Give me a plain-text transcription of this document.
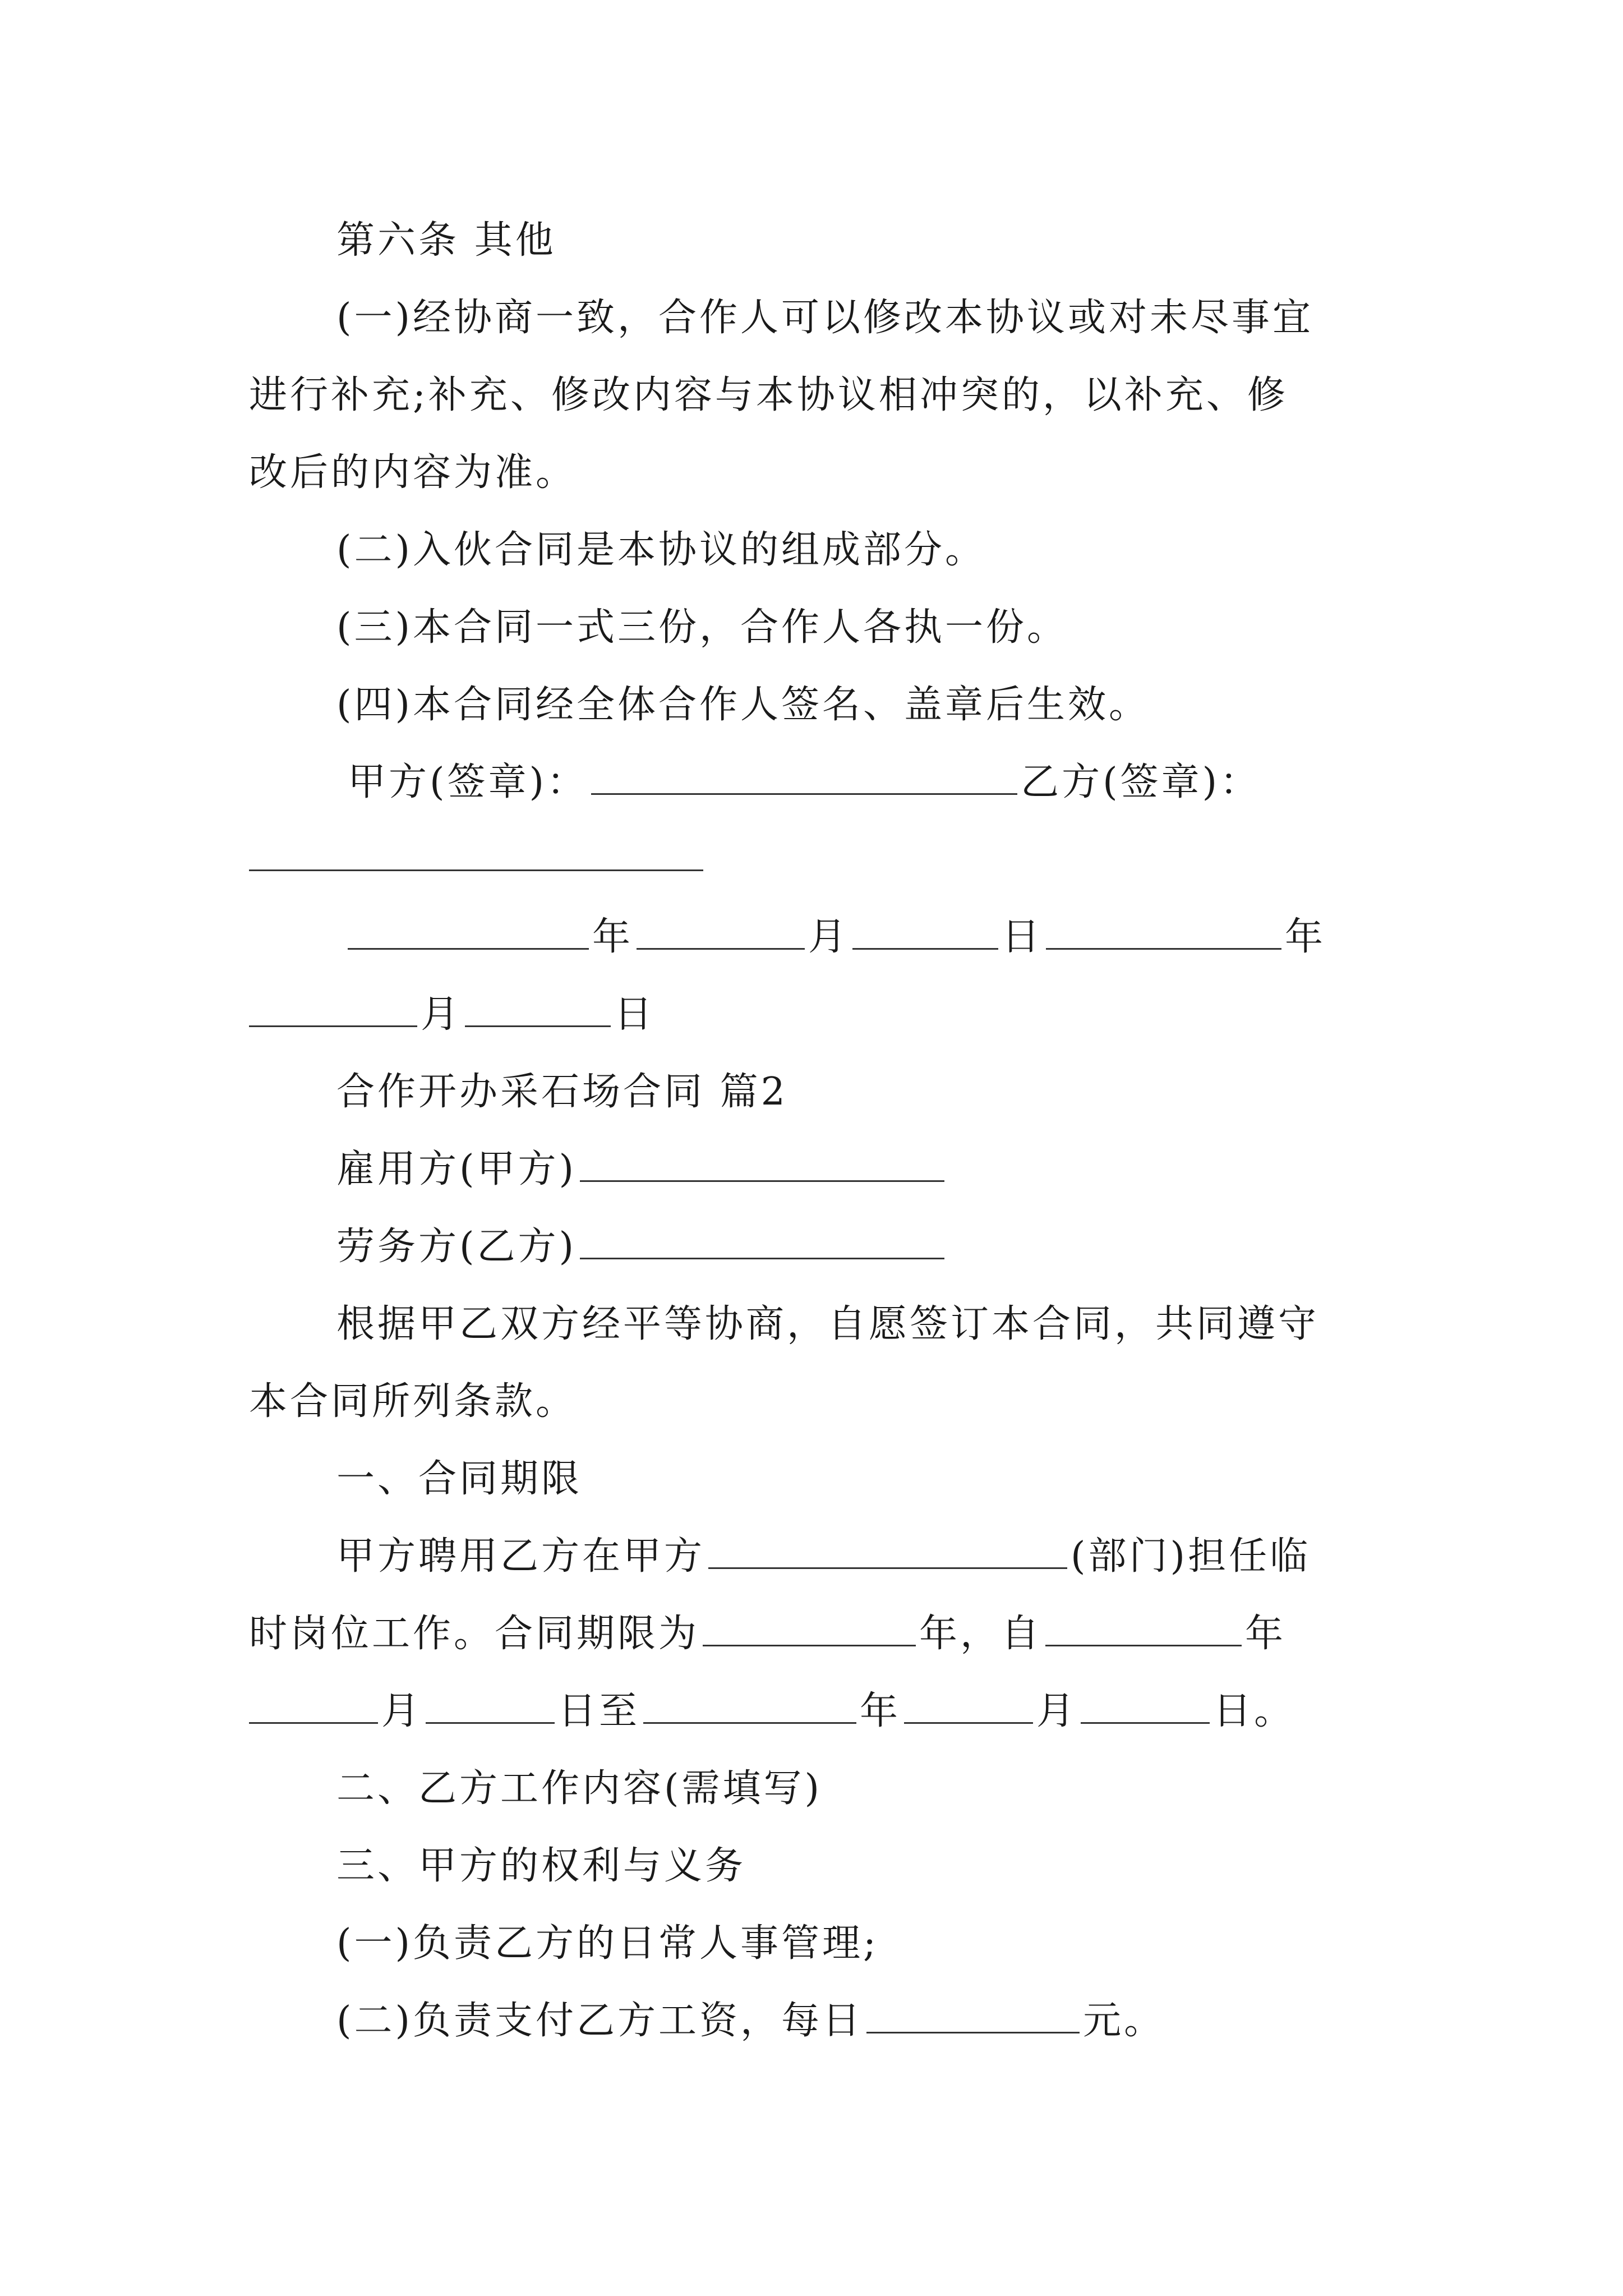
第六条 其他
(一)经协商一致，合作人可以修改本协议或对未尽事宜
进行补充;补充、修改内容与本协议相冲突的，以补充、修
改后的内容为准。
(二)入伙合同是本协议的组成部分。
(三)本合同一式三份，合作人各执一份。
(四)本合同经全体合作人签名、盖章后生效。
甲方(签章)：	乙方(签章)：
年	月	日	年
月	日
合作开办采石场合同 篇2
雇用方(甲方)
劳务方(乙方)
根据甲乙双方经平等协商，自愿签订本合同，共同遵守
本合同所列条款。
一、合同期限
甲方聘用乙方在甲方	(部门)担任临
时岗位工作。合同期限为	年，自	年
月	日至	年	月	日。
二、乙方工作内容(需填写)
三、甲方的权利与义务
(一)负责乙方的日常人事管理;
(二)负责支付乙方工资，每日	元。
